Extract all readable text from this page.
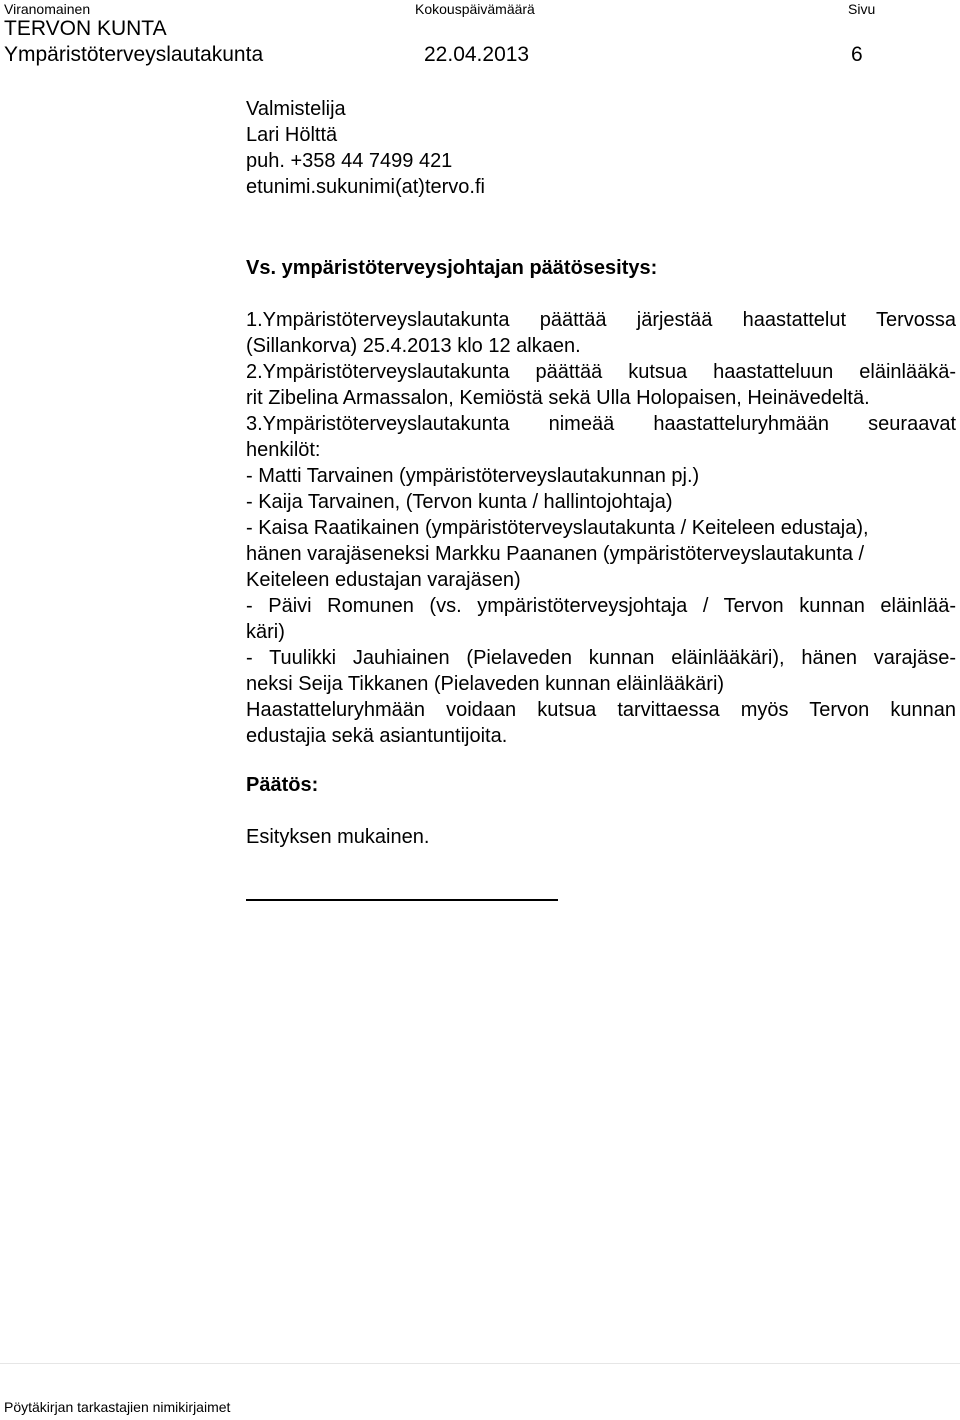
Viranomainen	Kokouspäivämäärä	Sivu
TERVON KUNTA
Ympäristöterveyslautakunta	22.04.2013	6
Valmistelija
Lari Hölttä
puh. +358 44 7499 421
etunimi.sukunimi(at)tervo.fi
Vs. ympäristöterveysjohtajan päätösesitys:
1.Ympäristöterveyslautakunta päättää järjestää haastattelut Tervossa
(Sillankorva) 25.4.2013 klo 12 alkaen.
2.Ympäristöterveyslautakunta päättää kutsua haastatteluun eläinlääkä-
rit Zibelina Armassalon, Kemiöstä sekä Ulla Holopaisen, Heinävedeltä.
3.Ympäristöterveyslautakunta nimeää haastatteluryhmään seuraavat
henkilöt:
- Matti Tarvainen (ympäristöterveyslautakunnan pj.)
- Kaija Tarvainen, (Tervon kunta / hallintojohtaja)
- Kaisa Raatikainen (ympäristöterveyslautakunta / Keiteleen edustaja),
hänen varajäseneksi Markku Paananen (ympäristöterveyslautakunta /
Keiteleen edustajan varajäsen)
- Päivi Romunen (vs. ympäristöterveysjohtaja / Tervon kunnan eläinlää-
käri)
- Tuulikki Jauhiainen (Pielaveden kunnan eläinlääkäri), hänen varajäse-
neksi Seija Tikkanen (Pielaveden kunnan eläinlääkäri)
Haastatteluryhmään voidaan kutsua tarvittaessa myös Tervon kunnan
edustajia sekä asiantuntijoita.
Päätös:
Esityksen mukainen.
Pöytäkirjan tarkastajien nimikirjaimet
